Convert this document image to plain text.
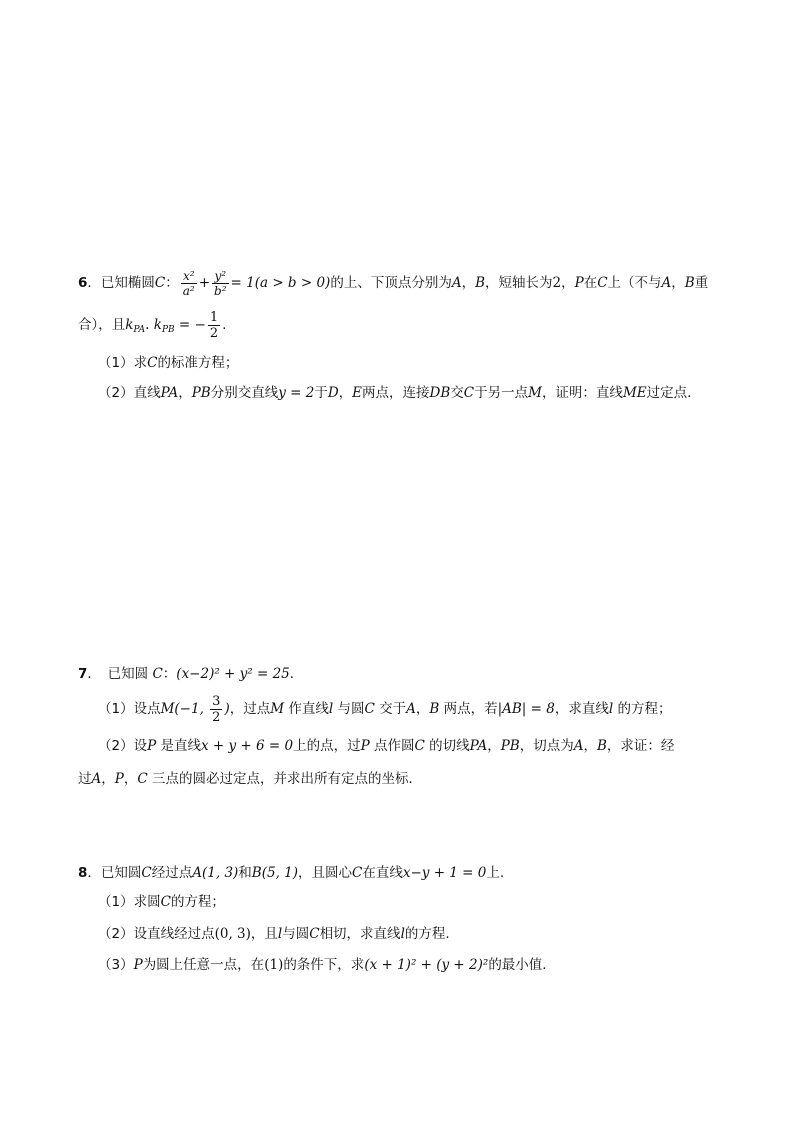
6．已知椭圆C： $\frac{\text{x²}}{\text{a²}} + \frac{\text{y²}}{\text{b²}} = 1(a > b > 0)$的上、下顶点分别为A，B，短轴长为2，P在C上（不与A，B重
合），且$k_{PA}$. $k_{PB}$ = − $\frac{1}{2}$ .
（1）求C的标准方程；
（2）直线PA，PB分别交直线y = 2于D，E两点，连接DB交C于另一点M，证明：直线ME过定点.
7．　已知圆 C：(x−2)² + y² = 25．
（1）设点M(−1, $\frac{3}{2}$ )，过点M 作直线l 与圆C 交于A，B 两点，若|AB| = 8，求直线l 的方程；
（2）设P 是直线x + y + 6 = 0上的点，过P 点作圆C 的切线PA，PB，切点为A，B，求证：经
过A，P，C 三点的圆必过定点，并求出所有定点的坐标．
8．已知圆C经过点A(1, 3)和B(5, 1)，且圆心C在直线x−y + 1 = 0上.
（1）求圆C的方程；
（2）设直线经过点(0, 3)，且l与圆C相切，求直线l的方程.
（3）P为圆上任意一点，在(1)的条件下，求(x + 1)² + (y + 2)²的最小值.
